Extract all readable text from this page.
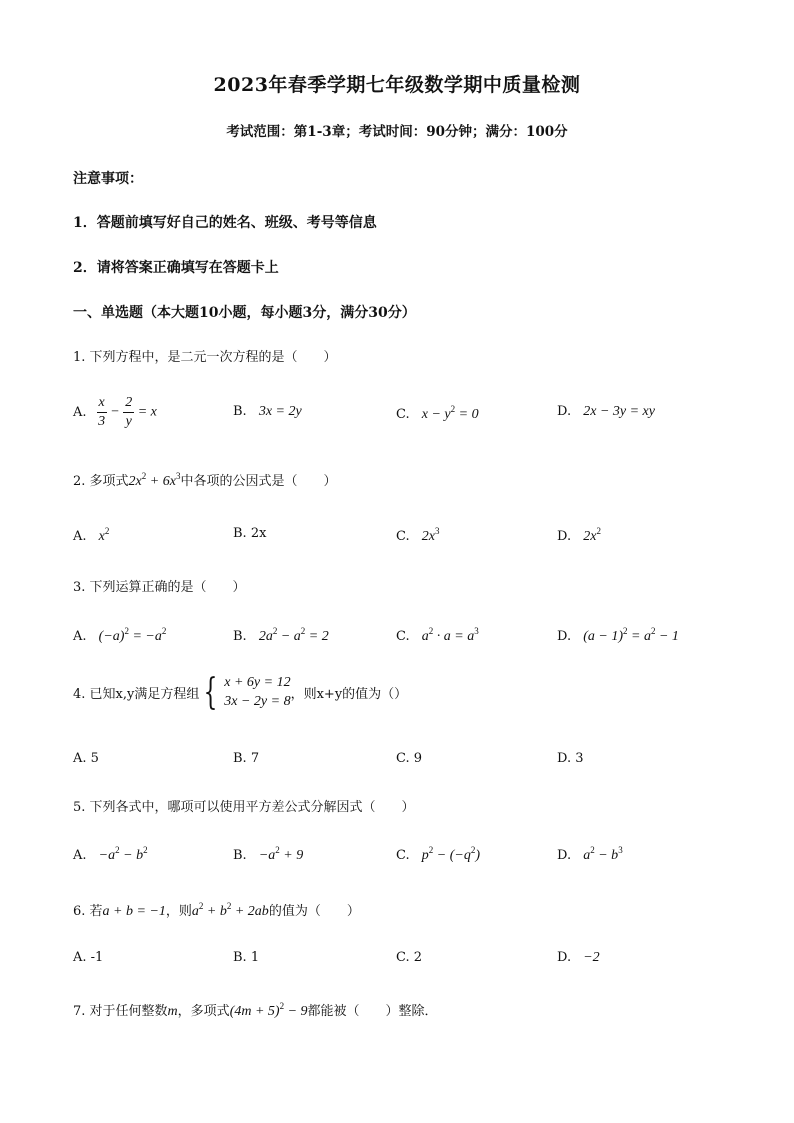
2023年春季学期七年级数学期中质量检测
考试范围：第1-3章；考试时间：90分钟；满分：100分
注意事项：
1．答题前填写好自己的姓名、班级、考号等信息
2．请将答案正确填写在答题卡上
一、单选题（本大题10小题，每小题3分，满分30分）
1. 下列方程中，是二元一次方程的是（　　）
A. $\frac{x}{3} - \frac{2}{y} = x$	B. 3x = 2y	C. $x - y^2 = 0$	D. 2x − 3y = xy
2. 多项式$2x^2 + 6x^3$中各项的公因式是（　　）
A. $x^2$	B. 2x	C. $2x^3$	D. $2x^2$
3. 下列运算正确的是（　　）
A. $(-a)^2 = -a^2$	B. $2a^2 - a^2 = 2$	C. $a^2 \cdot a = a^3$	D. $(a - 1)^2 = a^2 - 1$
4. 已知x,y满足方程组 { x + 6y = 12
3x − 2y = 8 ，则x+y的值为（）
A. 5	B. 7	C. 9	D. 3
5. 下列各式中，哪项可以使用平方差公式分解因式（　　）
A. $-a^2 - b^2$	B. $-a^2 + 9$	C. $p^2 - (-q^2)$	D. $a^2 - b^3$
6. 若a + b = −1，则$a^2 + b^2 + 2ab$的值为（　　）
A. -1	B. 1	C. 2	D. −2
7. 对于任何整数m，多项式$(4m + 5)^2 - 9$都能被（　　）整除．
